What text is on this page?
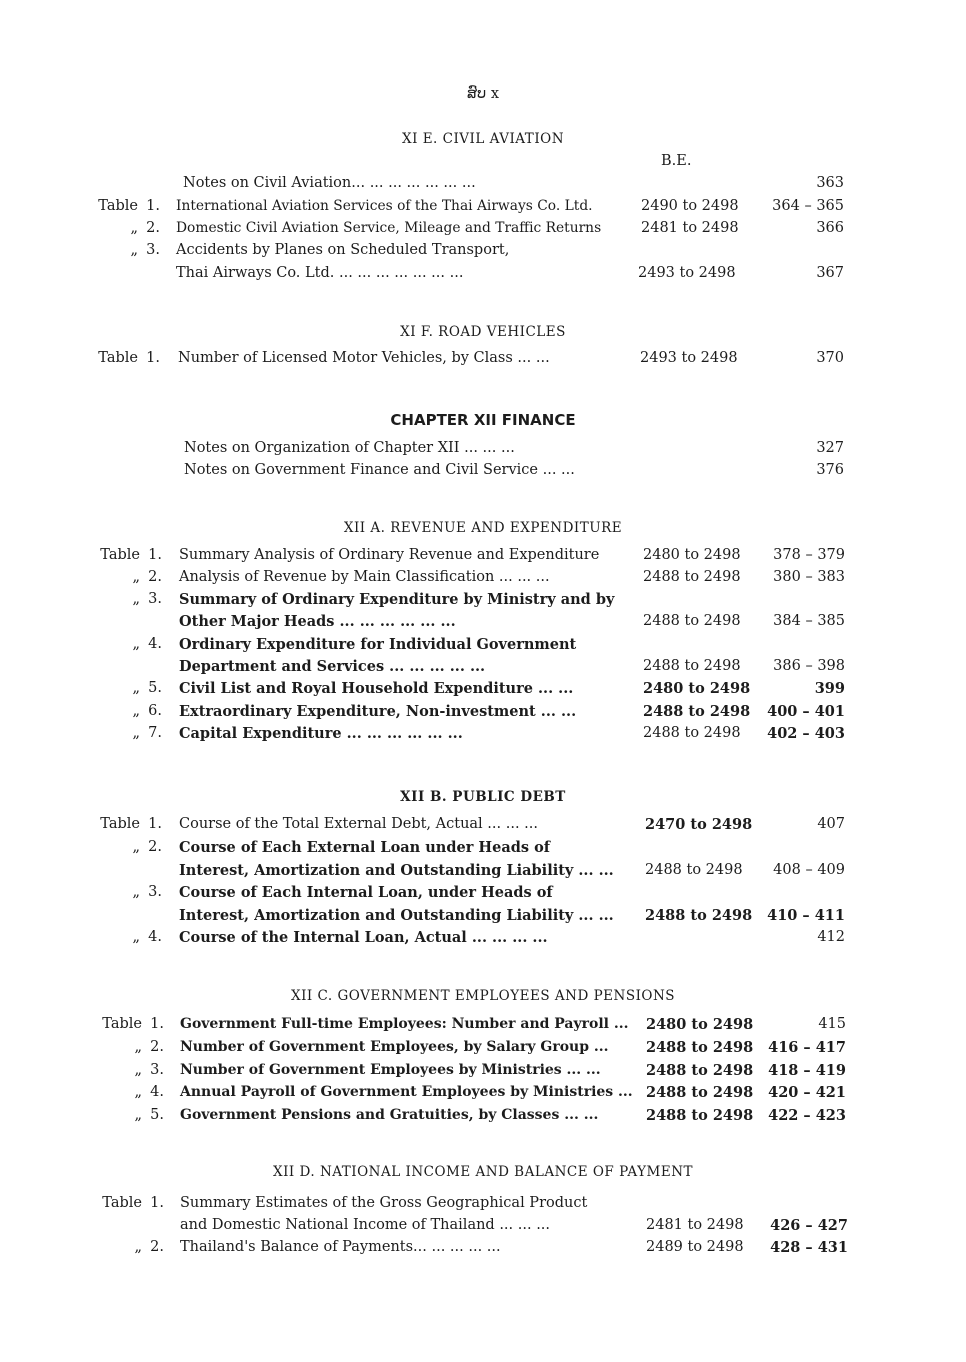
ສົບ x
XI E. CIVIL AVIATION
B.E.
Notes on Civil Aviation... ... ... ... ... ... ...	363
Table 1. International Aviation Services of the Thai Airways Co. Ltd.	2490 to 2498	364 – 365
„ 2. Domestic Civil Aviation Service, Mileage and Traffic Returns	2481 to 2498	366
„ 3. Accidents by Planes on Scheduled Transport,
Thai Airways Co. Ltd. ... ... ... ... ... ... ...	2493 to 2498	367
XI F. ROAD VEHICLES
Table 1. Number of Licensed Motor Vehicles, by Class ... ...	2493 to 2498	370
CHAPTER XII FINANCE
Notes on Organization of Chapter XII ... ... ...	327
Notes on Government Finance and Civil Service ... ...	376
XII A. REVENUE AND EXPENDITURE
Table 1. Summary Analysis of Ordinary Revenue and Expenditure	2480 to 2498	378 – 379
„ 2. Analysis of Revenue by Main Classification ... ... ...	2488 to 2498	380 – 383
„ 3. Summary of Ordinary Expenditure by Ministry and by
Other Major Heads ... ... ... ... ... ...	2488 to 2498	384 – 385
„ 4. Ordinary Expenditure for Individual Government
Department and Services ... ... ... ... ...	2488 to 2498	386 – 398
„ 5. Civil List and Royal Household Expenditure ... ...	2480 to 2498	399
„ 6. Extraordinary Expenditure, Non-investment ... ...	2488 to 2498	400 – 401
„ 7. Capital Expenditure ... ... ... ... ... ...	2488 to 2498	402 – 403
XII B. PUBLIC DEBT
Table 1. Course of the Total External Debt, Actual ... ... ...	2470 to 2498	407
„ 2. Course of Each External Loan under Heads of
Interest, Amortization and Outstanding Liability ... ... 2488 to 2498	408 – 409
„ 3. Course of Each Internal Loan, under Heads of
Interest, Amortization and Outstanding Liability ... ... 2488 to 2498	410 – 411
„ 4. Course of the Internal Loan, Actual ... ... ... ...	412
XII C. GOVERNMENT EMPLOYEES AND PENSIONS
Table 1. Government Full-time Employees: Number and Payroll ... 2480 to 2498	415
„ 2. Number of Government Employees, by Salary Group ...	2488 to 2498	416 – 417
„ 3. Number of Government Employees by Ministries ... ...	2488 to 2498	418 – 419
„ 4. Annual Payroll of Government Employees by Ministries ... 2488 to 2498	420 – 421
„ 5. Government Pensions and Gratuities, by Classes ... ...	2488 to 2498	422 – 423
XII D. NATIONAL INCOME AND BALANCE OF PAYMENT
Table 1. Summary Estimates of the Gross Geographical Product
and Domestic National Income of Thailand ... ... ...	2481 to 2498	426 – 427
„ 2. Thailand's Balance of Payments... ... ... ... ...	2489 to 2498	428 – 431
